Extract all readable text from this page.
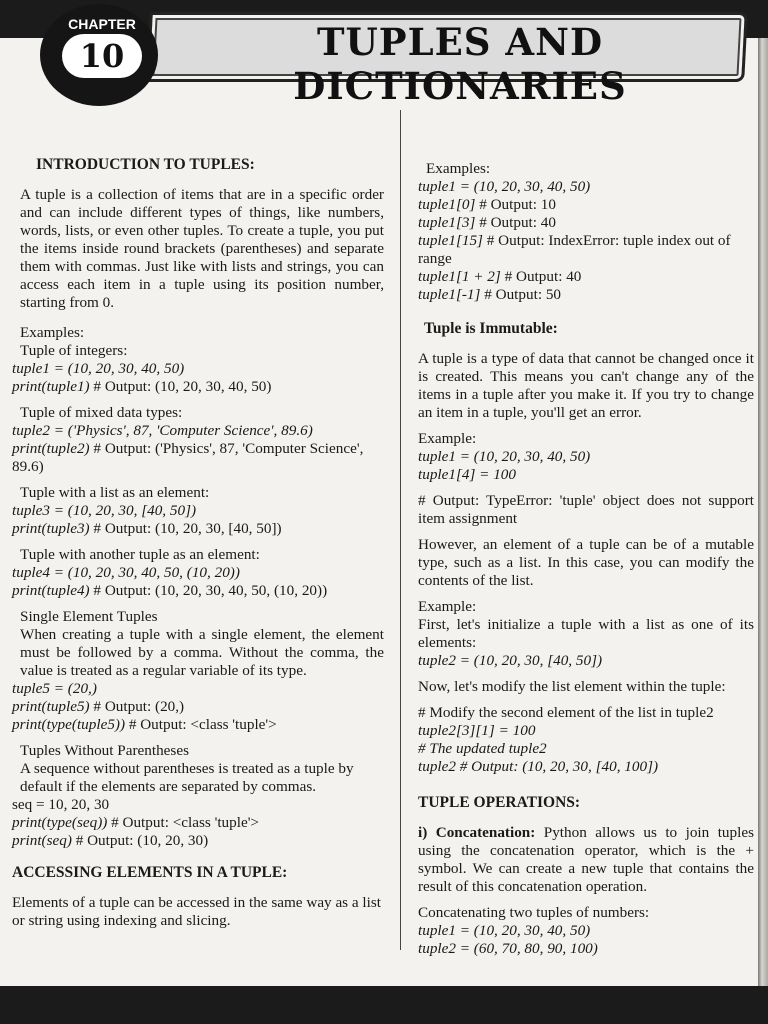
TUPLES AND DICTIONARIES
CHAPTER
10
INTRODUCTION TO TUPLES:
A tuple is a collection of items that are in a specific order and can include different types of things, like numbers, words, lists, or even other tuples. To create a tuple, you put the items inside round brackets (parentheses) and separate them with commas. Just like with lists and strings, you can access each item in a tuple using its position number, starting from 0.
Examples:
Tuple of integers:
tuple1 = (10, 20, 30, 40, 50)
print(tuple1) # Output: (10, 20, 30, 40, 50)
Tuple of mixed data types:
tuple2 = ('Physics', 87, 'Computer Science', 89.6)
print(tuple2) # Output: ('Physics', 87, 'Computer Science', 89.6)
Tuple with a list as an element:
tuple3 = (10, 20, 30, [40, 50])
print(tuple3) # Output: (10, 20, 30, [40, 50])
Tuple with another tuple as an element:
tuple4 = (10, 20, 30, 40, 50, (10, 20))
print(tuple4) # Output: (10, 20, 30, 40, 50, (10, 20))
Single Element Tuples
When creating a tuple with a single element, the element must be followed by a comma. Without the comma, the value is treated as a regular variable of its type.
tuple5 = (20,)
print(tuple5) # Output: (20,)
print(type(tuple5)) # Output: <class 'tuple'>
Tuples Without Parentheses
A sequence without parentheses is treated as a tuple by default if the elements are separated by commas.
seq = 10, 20, 30
print(type(seq)) # Output: <class 'tuple'>
print(seq) # Output: (10, 20, 30)
ACCESSING ELEMENTS IN A TUPLE:
Elements of a tuple can be accessed in the same way as a list or string using indexing and slicing.
Examples:
tuple1 = (10, 20, 30, 40, 50)
tuple1[0] # Output: 10
tuple1[3] # Output: 40
tuple1[15] # Output: IndexError: tuple index out of range
tuple1[1 + 2] # Output: 40
tuple1[-1] # Output: 50
Tuple is Immutable:
A tuple is a type of data that cannot be changed once it is created. This means you can't change any of the items in a tuple after you make it. If you try to change an item in a tuple, you'll get an error.
Example:
tuple1 = (10, 20, 30, 40, 50)
tuple1[4] = 100
# Output: TypeError: 'tuple' object does not support item assignment
However, an element of a tuple can be of a mutable type, such as a list. In this case, you can modify the contents of the list.
Example:
First, let's initialize a tuple with a list as one of its elements:
tuple2 = (10, 20, 30, [40, 50])
Now, let's modify the list element within the tuple:
# Modify the second element of the list in tuple2
tuple2[3][1] = 100
# The updated tuple2
tuple2 # Output: (10, 20, 30, [40, 100])
TUPLE OPERATIONS:
i) Concatenation: Python allows us to join tuples using the concatenation operator, which is the + symbol. We can create a new tuple that contains the result of this concatenation operation.
Concatenating two tuples of numbers:
tuple1 = (10, 20, 30, 40, 50)
tuple2 = (60, 70, 80, 90, 100)
